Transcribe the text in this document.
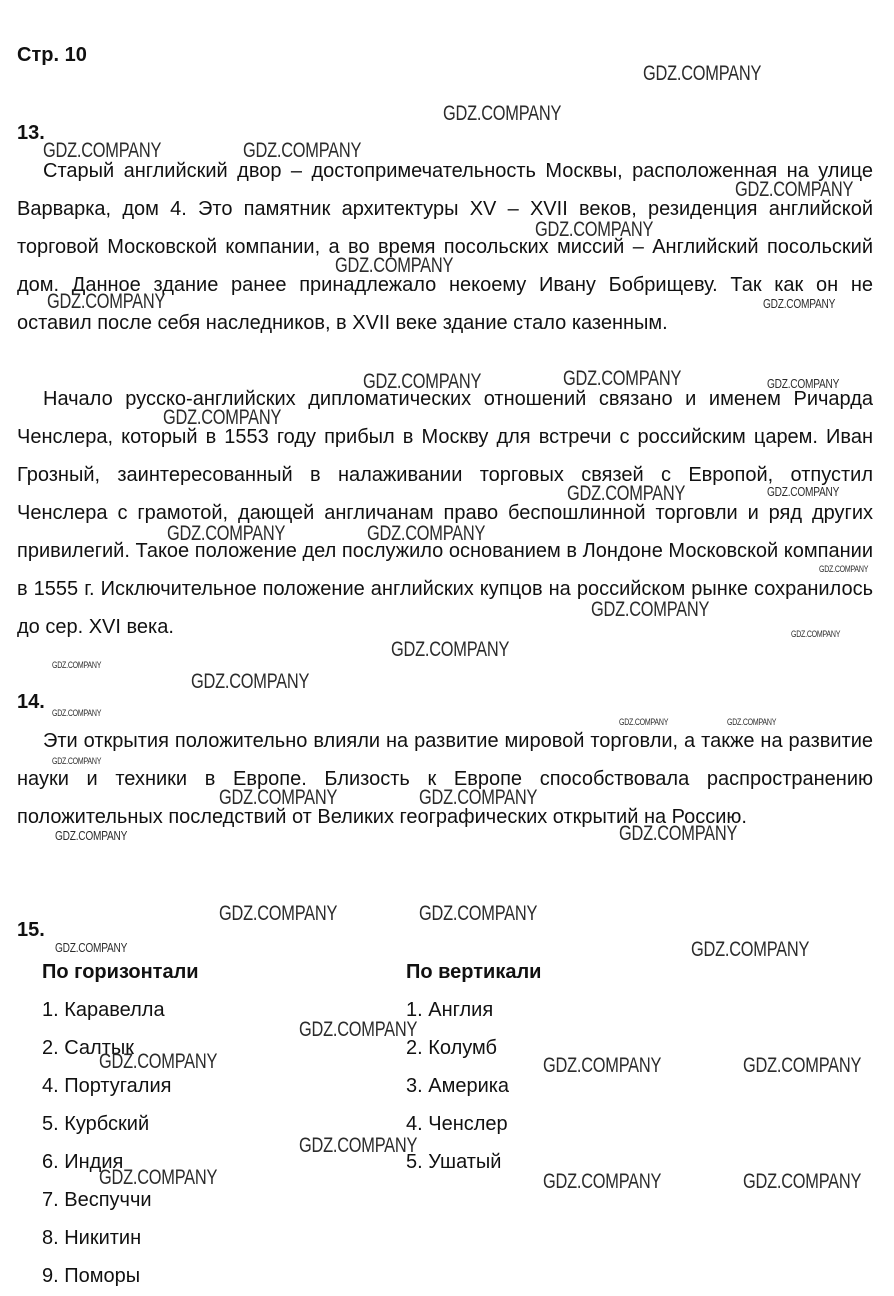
Стр. 10
13.

Старый английский двор – достопримечательность Москвы, расположенная на улице Варварка, дом 4. Это памятник архитектуры XV – XVII веков, резиденция английской торговой Московской компании, а во время посольских миссий – Английский посольский дом. Данное здание ранее принадлежало некоему Ивану Бобрищеву. Так как он не оставил после себя наследников, в XVII веке здание стало казенным.

Начало русско-английских дипломатических отношений связано и именем Ричарда Ченслера, который в 1553 году прибыл в Москву для встречи с российским царем. Иван Грозный, заинтересованный в налаживании торговых связей с Европой, отпустил Ченслера с грамотой, дающей англичанам право беспошлинной торговли и ряд других привилегий. Такое положение дел послужило основанием в Лондоне Московской компании в 1555 г. Исключительное положение английских купцов на российском рынке сохранилось до сер. XVI века.

14.

Эти открытия положительно влияли на развитие мировой торговли, а также на развитие науки и техники в Европе. Близость к Европе способствовала распространению положительных последствий от Великих географических открытий на Россию.

15.
По горизонтали
1. Каравелла
2. Салтык
4. Португалия
5. Курбский
6. Индия
7. Веспуччи
8. Никитин
9. Поморы
По вертикали
1. Англия
2. Колумб
3. Америка
4. Ченслер
5. Ушатый
GDZ.COMPANY
GDZ.COMPANY
GDZ.COMPANY	GDZ.COMPANY
GDZ.COMPANY
GDZ.COMPANY
GDZ.COMPANY
GDZ.COMPANY	GDZ.COMPANY
GDZ.COMPANY	GDZ.COMPANY	GDZ.COMPANY
GDZ.COMPANY
GDZ.COMPANY	GDZ.COMPANY
GDZ.COMPANY	GDZ.COMPANY
GDZ.COMPANY
GDZ.COMPANY
GDZ.COMPANY
GDZ.COMPANY
GDZ.COMPANY
GDZ.COMPANY
GDZ.COMPANY
GDZ.COMPANY	GDZ.COMPANY
GDZ.COMPANY
GDZ.COMPANY	GDZ.COMPANY
GDZ.COMPANY	GDZ.COMPANY
GDZ.COMPANY	GDZ.COMPANY
GDZ.COMPANY	GDZ.COMPANY
GDZ.COMPANY
GDZ.COMPANY	GDZ.COMPANY	GDZ.COMPANY
GDZ.COMPANY
GDZ.COMPANY	GDZ.COMPANY	GDZ.COMPANY
